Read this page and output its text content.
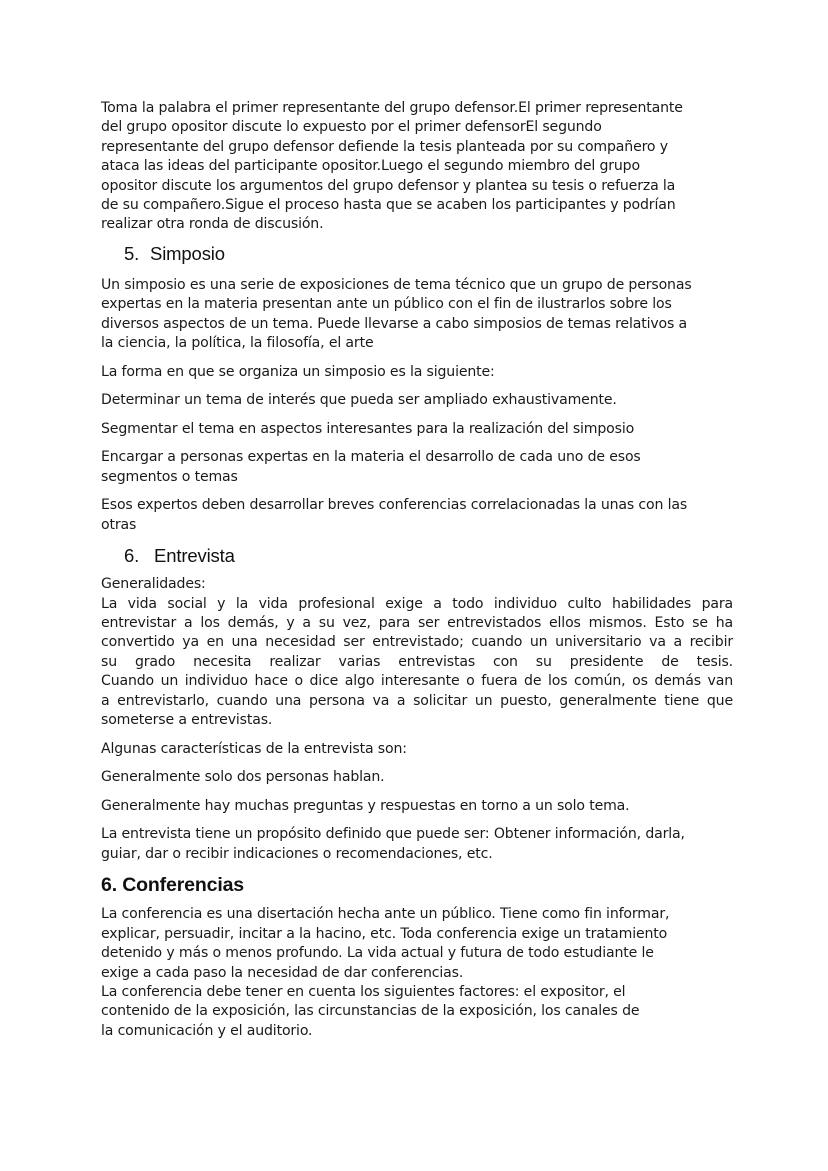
Toma la palabra el primer representante del grupo defensor.El primer representante
del grupo opositor discute lo expuesto por el primer defensorEl segundo
representante del grupo defensor defiende la tesis planteada por su compañero y
ataca las ideas del participante opositor.Luego el segundo miembro del grupo
opositor discute los argumentos del grupo defensor y plantea su tesis o refuerza la
de su compañero.Sigue el proceso hasta que se acaben los participantes y podrían
realizar otra ronda de discusión.

5. Simposio

Un simposio es una serie de exposiciones de tema técnico que un grupo de personas
expertas en la materia presentan ante un público con el fin de ilustrarlos sobre los
diversos aspectos de un tema. Puede llevarse a cabo simposios de temas relativos a
la ciencia, la política, la filosofía, el arte

La forma en que se organiza un simposio es la siguiente:

Determinar un tema de interés que pueda ser ampliado exhaustivamente.

Segmentar el tema en aspectos interesantes para la realización del simposio

Encargar a personas expertas en la materia el desarrollo de cada uno de esos
segmentos o temas

Esos expertos deben desarrollar breves conferencias correlacionadas la unas con las
otras

6. Entrevista

Generalidades:
La vida social y la vida profesional exige a todo individuo culto habilidades para
entrevistar a los demás, y a su vez, para ser entrevistados ellos mismos. Esto se ha
convertido ya en una necesidad ser entrevistado; cuando un universitario va a recibir
su grado necesita realizar varias entrevistas con su presidente de tesis.
Cuando un individuo hace o dice algo interesante o fuera de los común, os demás van
a entrevistarlo, cuando una persona va a solicitar un puesto, generalmente tiene que
someterse a entrevistas.

Algunas características de la entrevista son:

Generalmente solo dos personas hablan.

Generalmente hay muchas preguntas y respuestas en torno a un solo tema.

La entrevista tiene un propósito definido que puede ser: Obtener información, darla,
guiar, dar o recibir indicaciones o recomendaciones, etc.

6. Conferencias

La conferencia es una disertación hecha ante un público. Tiene como fin informar,
explicar, persuadir, incitar a la hacino, etc. Toda conferencia exige un tratamiento
detenido y más o menos profundo. La vida actual y futura de todo estudiante le
exige a cada paso la necesidad de dar conferencias.
La conferencia debe tener en cuenta los siguientes factores: el expositor, el
contenido de la exposición, las circunstancias de la exposición, los canales de
la comunicación y el auditorio.
